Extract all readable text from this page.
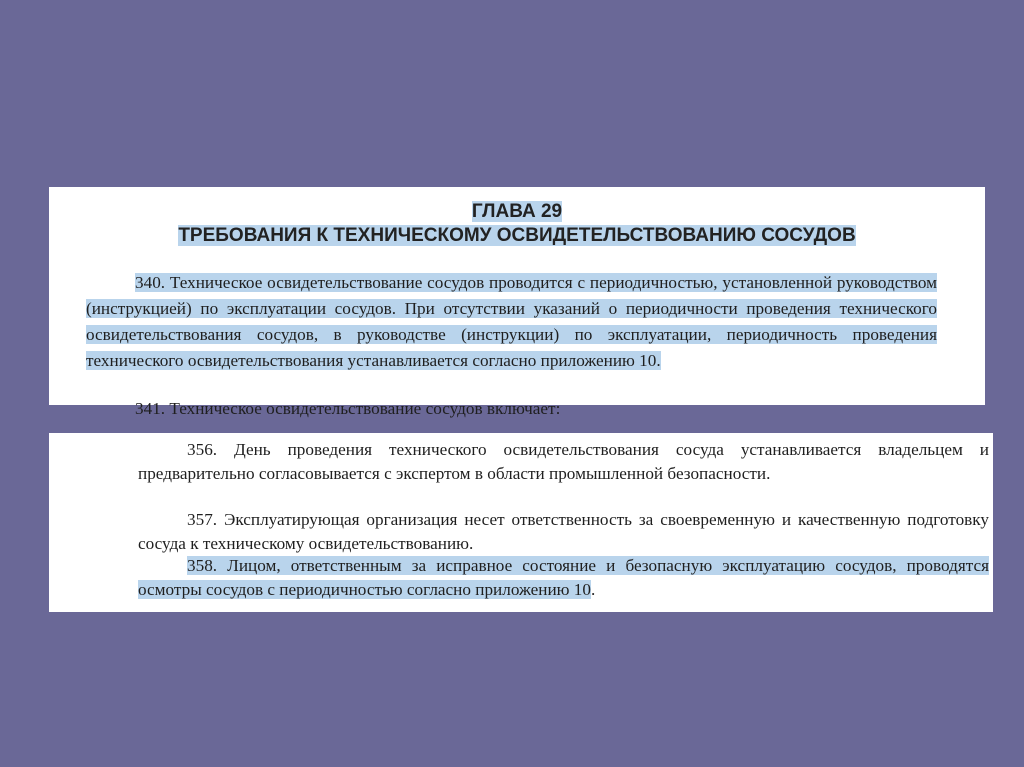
ГЛАВА 29
ТРЕБОВАНИЯ К ТЕХНИЧЕСКОМУ ОСВИДЕТЕЛЬСТВОВАНИЮ СОСУДОВ

340. Техническое освидетельствование сосудов проводится с периодичностью, установленной руководством (инструкцией) по эксплуатации сосудов. При отсутствии указаний о периодичности проведения технического освидетельствования сосудов, в руководстве (инструкции) по эксплуатации, периодичность проведения технического освидетельствования устанавливается согласно приложению 10.

341. Техническое освидетельствование сосудов включает:

356. День проведения технического освидетельствования сосуда устанавливается владельцем и предварительно согласовывается с экспертом в области промышленной безопасности.

357. Эксплуатирующая организация несет ответственность за своевременную и качественную подготовку сосуда к техническому освидетельствованию.

358. Лицом, ответственным за исправное состояние и безопасную эксплуатацию сосудов, проводятся осмотры сосудов с периодичностью согласно приложению 10.
